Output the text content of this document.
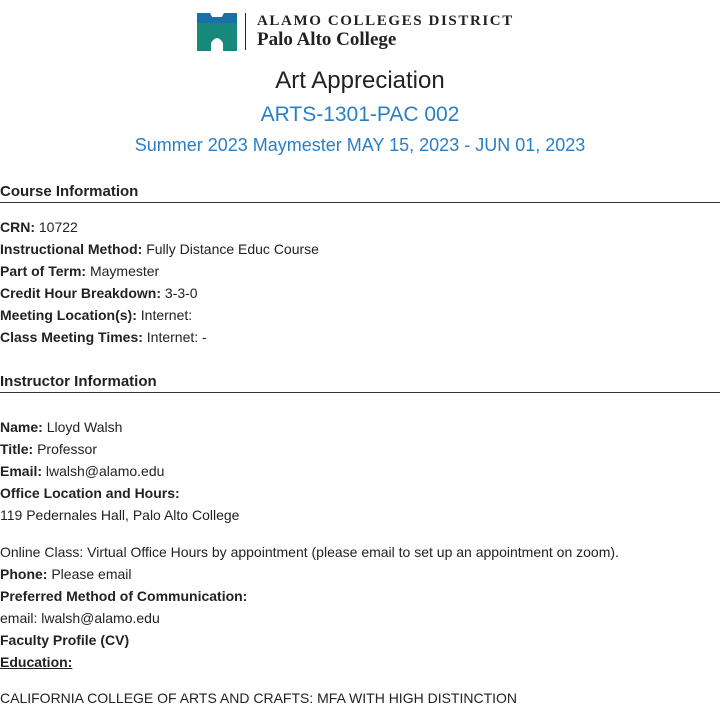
ALAMO COLLEGES DISTRICT
Palo Alto College
Art Appreciation
ARTS-1301-PAC 002
Summer 2023 Maymester MAY 15, 2023 - JUN 01, 2023
Course Information
CRN: 10722
Instructional Method: Fully Distance Educ Course
Part of Term: Maymester
Credit Hour Breakdown: 3-3-0
Meeting Location(s): Internet:
Class Meeting Times: Internet: -
Instructor Information
Name: Lloyd Walsh
Title: Professor
Email: lwalsh@alamo.edu
Office Location and Hours:
119 Pedernales Hall, Palo Alto College
Online Class: Virtual Office Hours by appointment (please email to set up an appointment on zoom).
Phone: Please email
Preferred Method of Communication:
email: lwalsh@alamo.edu
Faculty Profile (CV)
Education:
CALIFORNIA COLLEGE OF ARTS AND CRAFTS: MFA WITH HIGH DISTINCTION
